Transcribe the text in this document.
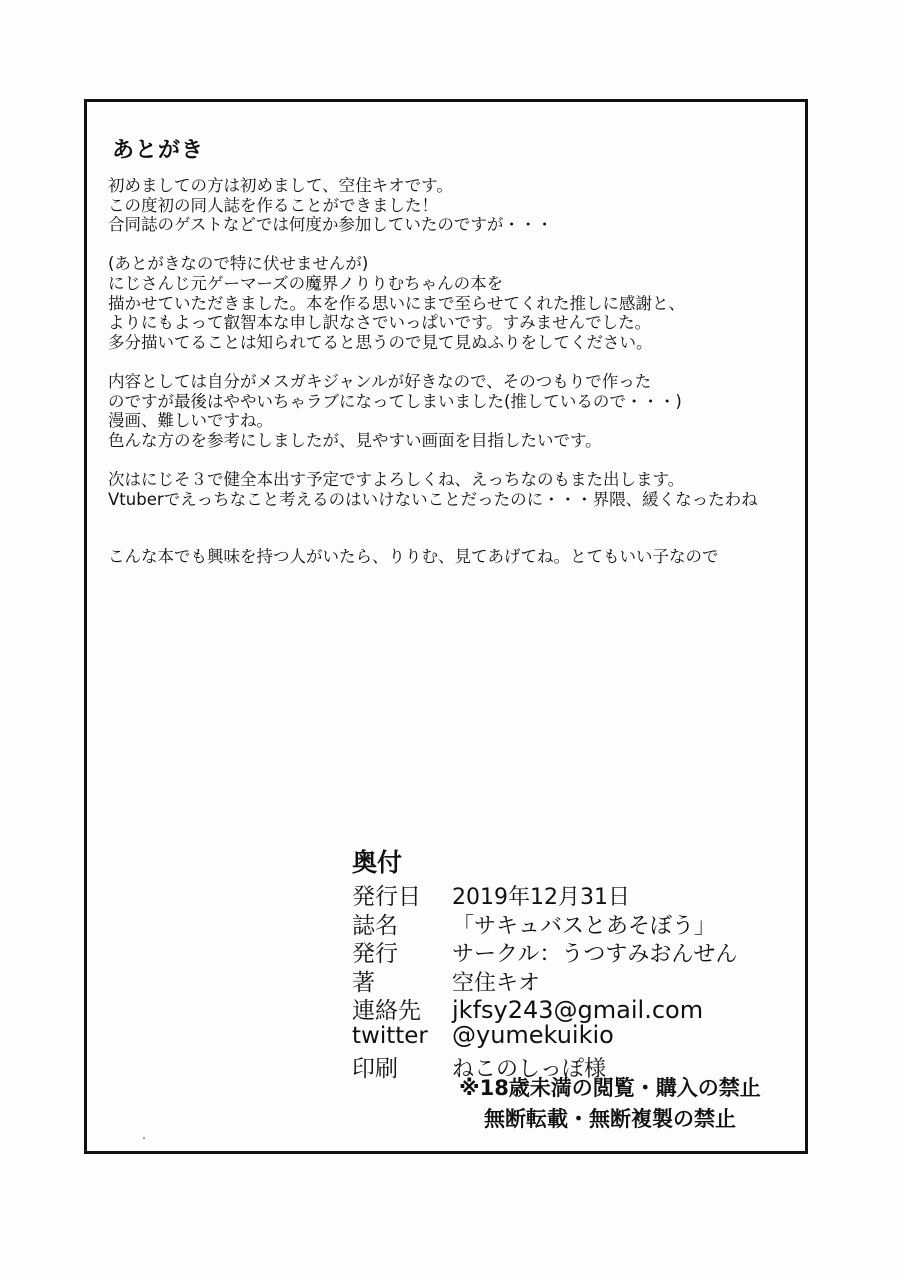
あとがき
初めましての方は初めまして、空住キオです。
この度初の同人誌を作ることができました！
合同誌のゲストなどでは何度か参加していたのですが・・・
(あとがきなので特に伏せませんが)
にじさんじ元ゲーマーズの魔界ノりりむちゃんの本を
描かせていただきました。本を作る思いにまで至らせてくれた推しに感謝と、
よりにもよって叡智本な申し訳なさでいっぱいです。すみませんでした。
多分描いてることは知られてると思うので見て見ぬふりをしてください。
内容としては自分がメスガキジャンルが好きなので、そのつもりで作った
のですが最後はややいちゃラブになってしまいました(推しているので・・・)
漫画、難しいですね。
色んな方のを参考にしましたが、見やすい画面を目指したいです。
次はにじそ３で健全本出す予定ですよろしくね、えっちなのもまた出します。
Vtuberでえっちなこと考えるのはいけないことだったのに・・・界隈、緩くなったわね
こんな本でも興味を持つ人がいたら、りりむ、見てあげてね。とてもいい子なので
奥付
発行日	2019年12月31日
誌名	「サキュバスとあそぼう」
発行	サークル：うつすみおんせん
著	空住キオ
連絡先	jkfsy243@gmail.com
twitter	@yumekuikio
印刷	ねこのしっぽ様
※18歳未満の閲覧・購入の禁止
無断転載・無断複製の禁止
